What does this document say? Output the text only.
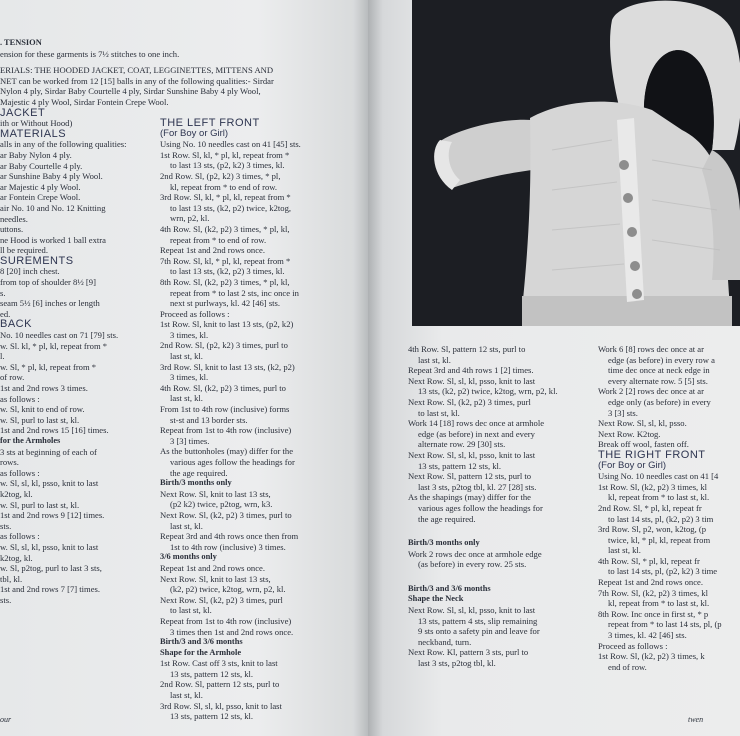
. TENSION

ension for these garments is 7½ stitches to one inch.

ERIALS: THE HOODED JACKET, COAT, LEGGINETTES, MITTENS AND

NET can be worked from 12 [15] balls in any of the following qualities:- Sirdar

Nylon 4 ply, Sirdar Baby Courtelle 4 ply, Sirdar Sunshine Baby 4 ply Wool,

Majestic 4 ply Wool, Sirdar Fontein Crepe Wool.

JACKET

ith or Without Hood)

MATERIALS

alls in any of the following qualities:

ar Baby Nylon 4 ply.

ar Baby Courtelle 4 ply.

ar Sunshine Baby 4 ply Wool.

ar Majestic 4 ply Wool.

ar Fontein Crepe Wool.

air No. 10 and No. 12 Knitting

needles.

uttons.

ne Hood is worked 1 ball extra

ll be required.

SUREMENTS

8 [20] inch chest.

from top of shoulder 8½ [9]

s.

seam 5½ [6] inches or length

ed.

BACK

No. 10 needles cast on 71 [79] sts.

w. Sl. kl, * pl, kl, repeat from *

l.

w. Sl, * pl, kl, repeat from *

of row.

1st and 2nd rows 3 times.

as follows :

w. Sl, knit to end of row.

w. Sl, purl to last st, kl.

1st and 2nd rows 15 [16] times.

for the Armholes

3 sts at beginning of each of

rows.

as follows :

w. Sl, sl, kl, psso, knit to last

k2tog, kl.

w. Sl, purl to last st, kl.

1st and 2nd rows 9 [12] times.

sts.

as follows :

w. Sl, sl, kl, psso, knit to last

k2tog, kl.

w. Sl, p2tog, purl to last 3 sts,

tbl, kl.

1st and 2nd rows 7 [7] times.

sts.

THE LEFT FRONT

(For Boy or Girl)

Using No. 10 needles cast on 41 [45] sts.

1st Row. Sl, kl, * pl, kl, repeat from *

to last 13 sts, (p2, k2) 3 times, kl.

2nd Row. Sl, (p2, k2) 3 times, * pl,

kl, repeat from * to end of row.

3rd Row. Sl, kl, * pl, kl, repeat from *

to last 13 sts, (k2, p2) twice, k2tog,

wrn, p2, kl.

4th Row. Sl, (k2, p2) 3 times, * pl, kl,

repeat from * to end of row.

Repeat 1st and 2nd rows once.

7th Row. Sl, kl, * pl, kl, repeat from *

to last 13 sts, (k2, p2) 3 times, kl.

8th Row. Sl, (k2, p2) 3 times, * pl, kl,

repeat from * to last 2 sts, inc once in

next st purlways, kl. 42 [46] sts.

Proceed as follows :

1st Row. Sl, knit to last 13 sts, (p2, k2)

3 times, kl.

2nd Row. Sl, (p2, k2) 3 times, purl to

last st, kl.

3rd Row. Sl, knit to last 13 sts, (k2, p2)

3 times, kl.

4th Row. Sl, (k2, p2) 3 times, purl to

last st, kl.

From 1st to 4th row (inclusive) forms

st-st and 13 border sts.

Repeat from 1st to 4th row (inclusive)

3 [3] times.

As the buttonholes (may) differ for the

various ages follow the headings for

the age required.

Birth/3 months only

Next Row. Sl, knit to last 13 sts,

(p2 k2) twice, p2tog, wrn, k3.

Next Row. Sl, (k2, p2) 3 times, purl to

last st, kl.

Repeat 3rd and 4th rows once then from

1st to 4th row (inclusive) 3 times.

3/6 months only

Repeat 1st and 2nd rows once.

Next Row. Sl, knit to last 13 sts,

(k2, p2) twice, k2tog, wrn, p2, kl.

Next Row. Sl, (k2, p2) 3 times, purl

to last st, kl.

Repeat from 1st to 4th row (inclusive)

3 times then 1st and 2nd rows once.

Birth/3 and 3/6 months

Shape for the Armhole

1st Row. Cast off 3 sts, knit to last

13 sts, pattern 12 sts, kl.

2nd Row. Sl, pattern 12 sts, purl to

last st, kl.

3rd Row. Sl, sl, kl, psso, knit to last

13 sts, pattern 12 sts, kl.

our

4th Row. Sl, pattern 12 sts, purl to

last st, kl.

Repeat 3rd and 4th rows 1 [2] times.

Next Row. Sl, sl, kl, psso, knit to last

13 sts, (k2, p2) twice, k2tog, wrn, p2, kl.

Next Row. Sl, (k2, p2) 3 times, purl

to last st, kl.

Work 14 [18] rows dec once at armhole

edge (as before) in next and every

alternate row. 29 [30] sts.

Next Row. Sl, sl, kl, psso, knit to last

13 sts, pattern 12 sts, kl.

Next Row. Sl, pattern 12 sts, purl to

last 3 sts, p2tog tbl, kl. 27 [28] sts.

As the shapings (may) differ for the

various ages follow the headings for

the age required.

Birth/3 months only

Work 2 rows dec once at armhole edge

(as before) in every row. 25 sts.

Birth/3 and 3/6 months

Shape the Neck

Next Row. Sl, sl, kl, psso, knit to last

13 sts, pattern 4 sts, slip remaining

9 sts onto a safety pin and leave for

neckband, turn.

Next Row. Kl, pattern 3 sts, purl to

last 3 sts, p2tog tbl, kl.

Work 6 [8] rows dec once at ar

edge (as before) in every row a

time dec once at neck edge in

every alternate row. 5 [5] sts.

Work 2 [2] rows dec once at ar

edge only (as before) in every

3 [3] sts.

Next Row. Sl, sl, kl, psso.

Next Row. K2tog.

Break off wool, fasten off.

THE RIGHT FRONT

(For Boy or Girl)

Using No. 10 needles cast on 41 [4

1st Row. Sl, (k2, p2) 3 times, kl

kl, repeat from * to last st, kl.

2nd Row. Sl, * pl, kl, repeat fr

to last 14 sts, pl, (k2, p2) 3 tim

3rd Row. Sl, p2, won, k2tog, (p

twice, kl, * pl, kl, repeat from

last st, kl.

4th Row. Sl, * pl, kl, repeat fr

to last 14 sts, pl, (p2, k2) 3 time

Repeat 1st and 2nd rows once.

7th Row. Sl, (k2, p2) 3 times, kl

kl, repeat from * to last st, kl.

8th Row. Inc once in first st, * p

repeat from * to last 14 sts, pl, (p

3 times, kl. 42 [46] sts.

Proceed as follows :

1st Row. Sl, (k2, p2) 3 times, k

end of row.

twen
